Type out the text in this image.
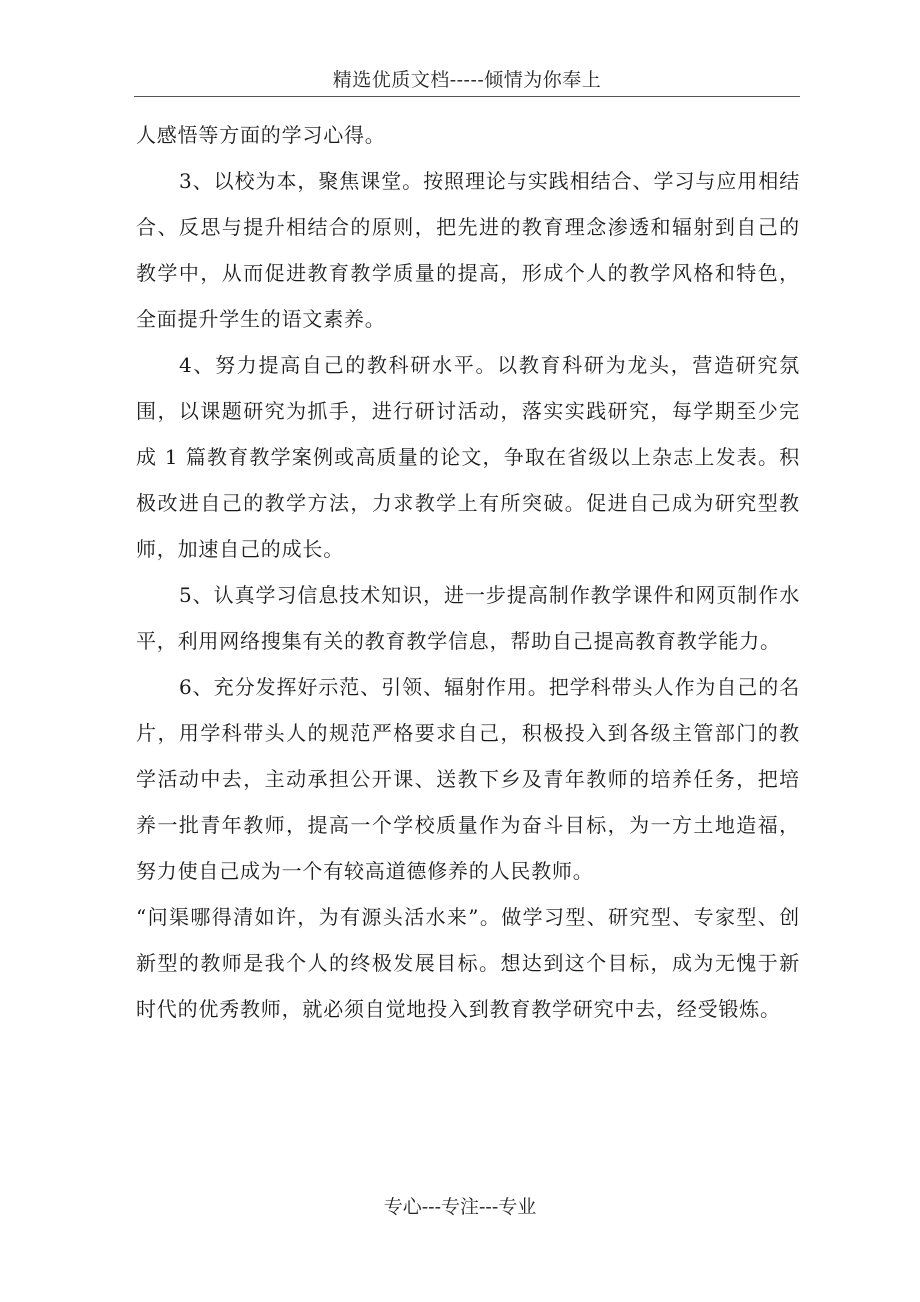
精选优质文档-----倾情为你奉上

人感悟等方面的学习心得。

3、以校为本，聚焦课堂。按照理论与实践相结合、学习与应用相结合、反思与提升相结合的原则，把先进的教育理念渗透和辐射到自己的教学中，从而促进教育教学质量的提高，形成个人的教学风格和特色，全面提升学生的语文素养。

4、努力提高自己的教科研水平。以教育科研为龙头，营造研究氛围，以课题研究为抓手，进行研讨活动，落实实践研究，每学期至少完成 1 篇教育教学案例或高质量的论文，争取在省级以上杂志上发表。积极改进自己的教学方法，力求教学上有所突破。促进自己成为研究型教师，加速自己的成长。

5、认真学习信息技术知识，进一步提高制作教学课件和网页制作水平，利用网络搜集有关的教育教学信息，帮助自己提高教育教学能力。

6、充分发挥好示范、引领、辐射作用。把学科带头人作为自己的名片，用学科带头人的规范严格要求自己，积极投入到各级主管部门的教学活动中去，主动承担公开课、送教下乡及青年教师的培养任务，把培养一批青年教师，提高一个学校质量作为奋斗目标，为一方土地造福，努力使自己成为一个有较高道德修养的人民教师。

“问渠哪得清如许，为有源头活水来”。做学习型、研究型、专家型、创新型的教师是我个人的终极发展目标。想达到这个目标，成为无愧于新时代的优秀教师，就必须自觉地投入到教育教学研究中去，经受锻炼。

专心---专注---专业
